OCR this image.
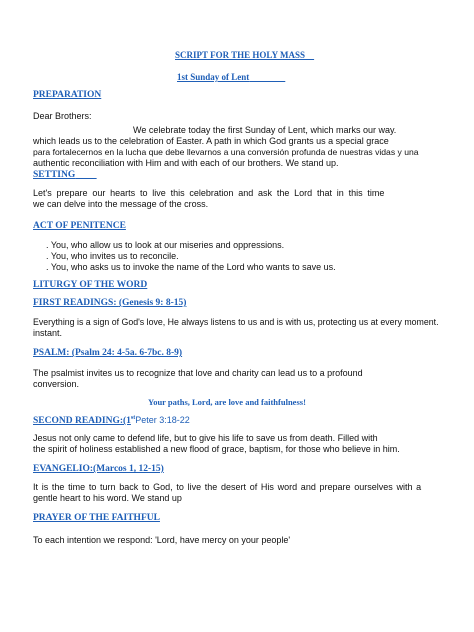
SCRIPT FOR THE HOLY MASS
1st Sunday of Lent
PREPARATION
Dear Brothers:
We celebrate today the first Sunday of Lent, which marks our way.
which leads us to the celebration of Easter. A path in which God grants us a special grace
para fortalecernos en la lucha que debe llevarnos a una conversión profunda de nuestras vidas y una
authentic reconciliation with Him and with each of our brothers. We stand up.
SETTING
Let's prepare our hearts to live this celebration and ask the Lord that in this time
we can delve into the message of the cross.
ACT OF PENITENCE
. You, who allow us to look at our miseries and oppressions.
. You, who invites us to reconcile.
. You, who asks us to invoke the name of the Lord who wants to save us.
LITURGY OF THE WORD
FIRST READINGS: (Genesis 9: 8-15)
Everything is a sign of God's love, He always listens to us and is with us, protecting us at every moment.
instant.
PSALM: (Psalm 24: 4-5a. 6-7bc. 8-9)
The psalmist invites us to recognize that love and charity can lead us to a profound
conversion.
Your paths, Lord, are love and faithfulness!
SECOND READING:(1stPeter 3:18-22
Jesus not only came to defend life, but to give his life to save us from death. Filled with
the spirit of holiness established a new flood of grace, baptism, for those who believe in him.
EVANGELIO:(Marcos 1, 12-15)
It is the time to turn back to God, to live the desert of His word and prepare ourselves with a
gentle heart to his word. We stand up
PRAYER OF THE FAITHFUL
To each intention we respond: 'Lord, have mercy on your people'
